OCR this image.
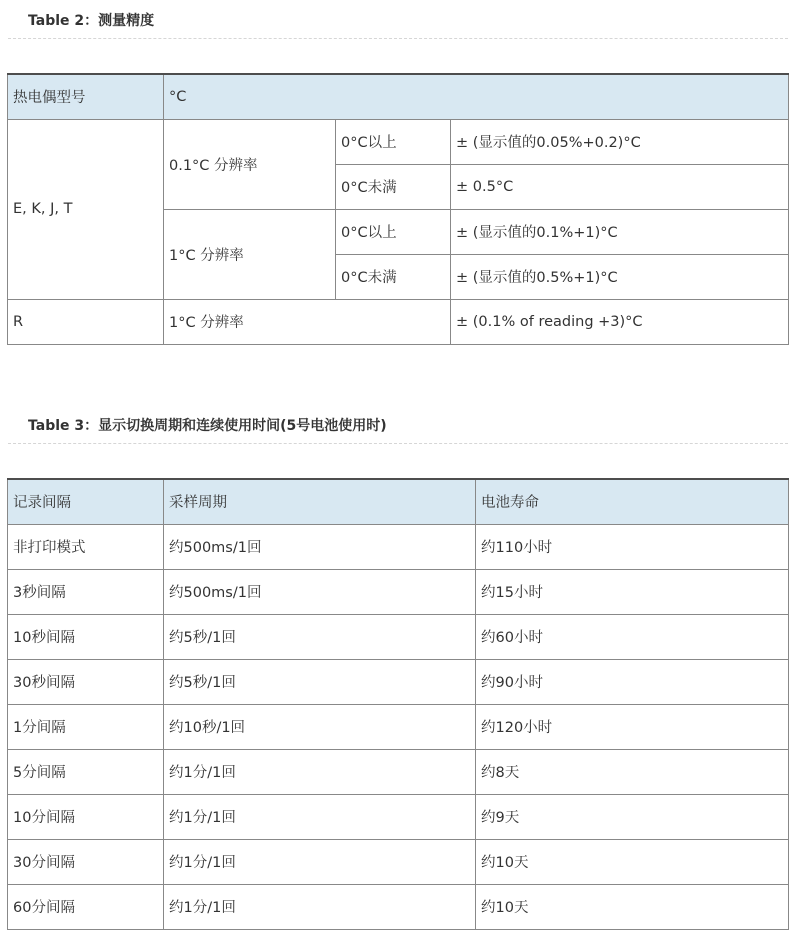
Table 2：测量精度
热电偶型号	°C		
E, K, J, T	0.1°C 分辨率	0°C以上	± (显示值的0.05%+0.2)°C
		0°C未满	± 0.5°C
	1°C 分辨率	0°C以上	± (显示值的0.1%+1)°C
		0°C未满	± (显示值的0.5%+1)°C
R	1°C 分辨率		± (0.1% of reading +3)°C
Table 3：显示切换周期和连续使用时间(5号电池使用时)
记录间隔	采样周期	电池寿命
非打印模式	约500ms/1回	约110小时
3秒间隔	约500ms/1回	约15小时
10秒间隔	约5秒/1回	约60小时
30秒间隔	约5秒/1回	约90小时
1分间隔	约10秒/1回	约120小时
5分间隔	约1分/1回	约8天
10分间隔	约1分/1回	约9天
30分间隔	约1分/1回	约10天
60分间隔	约1分/1回	约10天
